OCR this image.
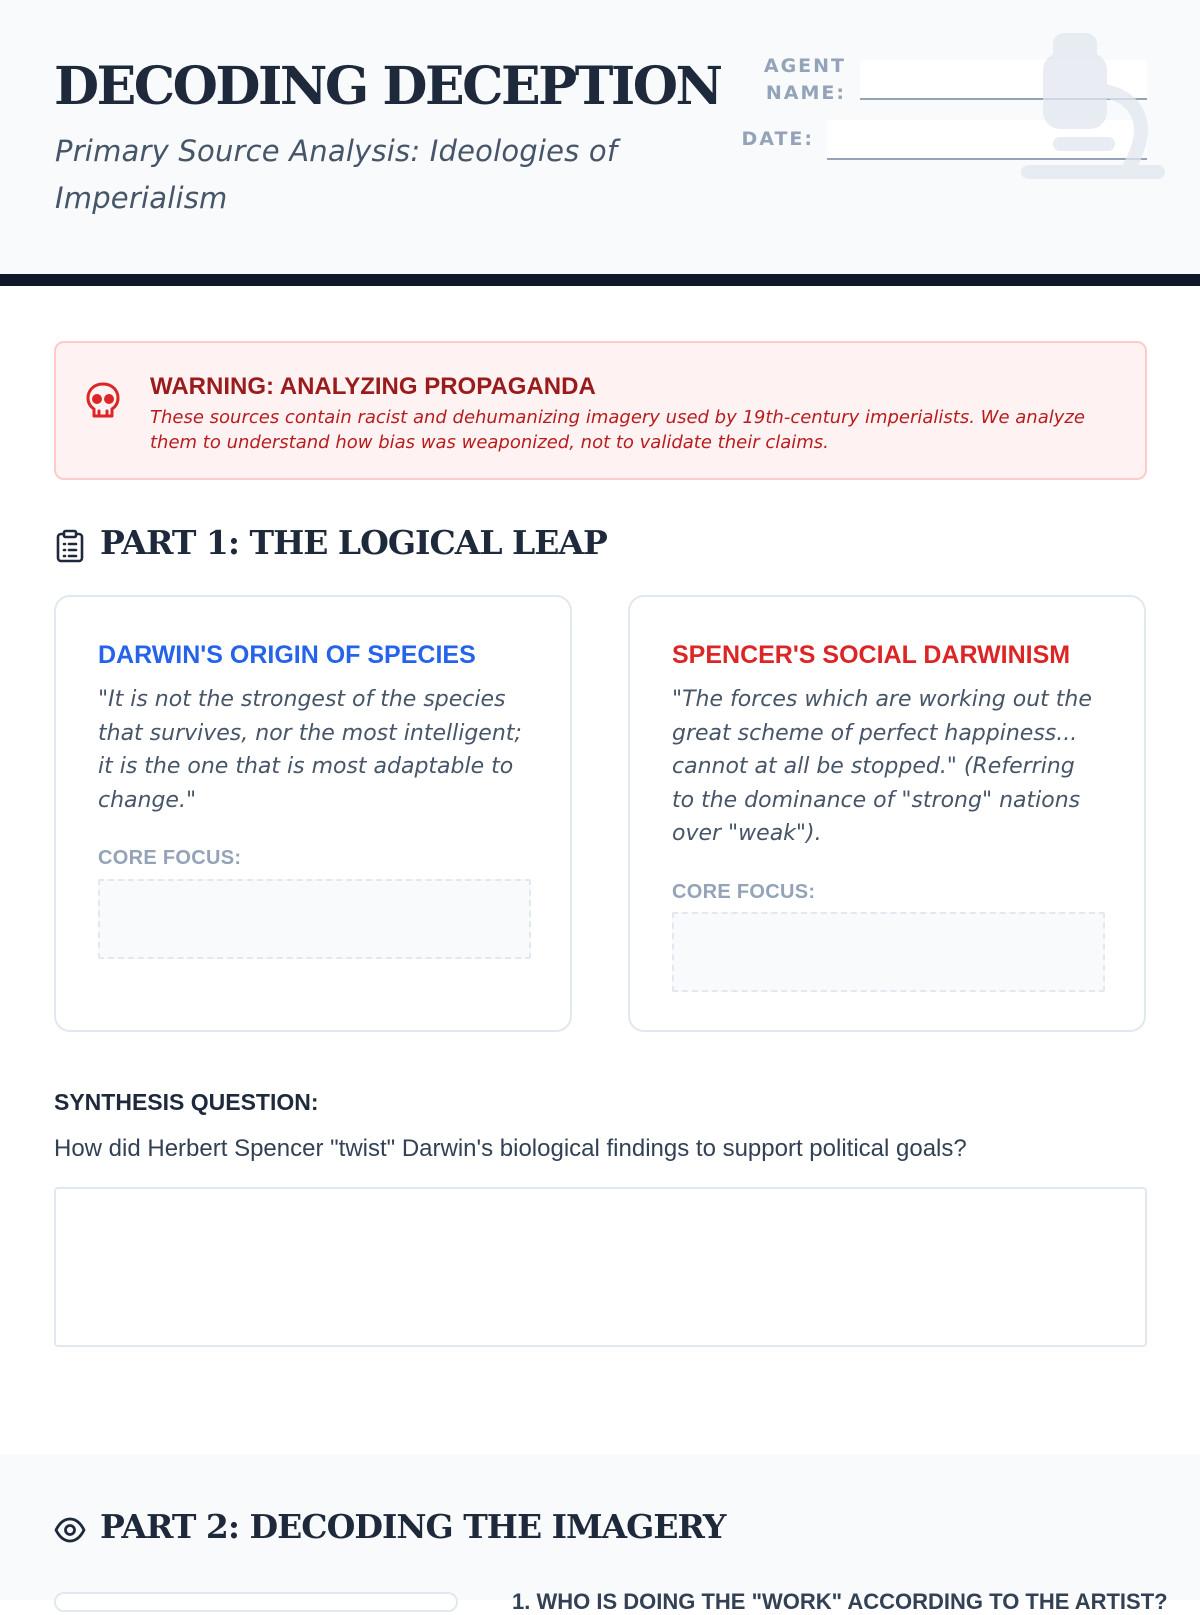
DECODING DECEPTION
Primary Source Analysis: Ideologies of Imperialism
AGENT NAME:
DATE:
WARNING: ANALYZING PROPAGANDA
These sources contain racist and dehumanizing imagery used by 19th-century imperialists. We analyze them to understand how bias was weaponized, not to validate their claims.
PART 1: THE LOGICAL LEAP
DARWIN'S ORIGIN OF SPECIES
"It is not the strongest of the species that survives, nor the most intelligent; it is the one that is most adaptable to change."
CORE FOCUS:
SPENCER'S SOCIAL DARWINISM
"The forces which are working out the great scheme of perfect happiness... cannot at all be stopped." (Referring to the dominance of "strong" nations over "weak").
CORE FOCUS:
SYNTHESIS QUESTION:
How did Herbert Spencer "twist" Darwin's biological findings to support political goals?
PART 2: DECODING THE IMAGERY
1. WHO IS DOING THE "WORK" ACCORDING TO THE ARTIST?
